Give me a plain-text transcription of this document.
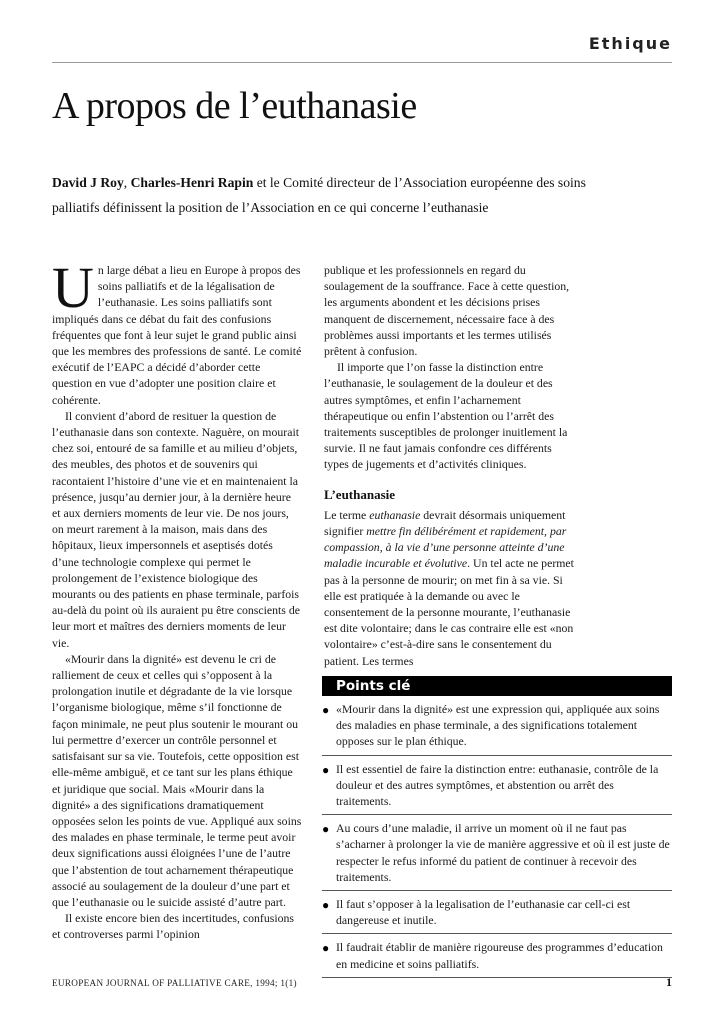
Ethique
A propos de l’euthanasie

David J Roy, Charles-Henri Rapin et le Comité directeur de l’Association européenne des soins palliatifs définissent la position de l’Association en ce qui concerne l’euthanasie

Un large débat a lieu en Europe à propos des soins palliatifs et de la légalisation de l’euthanasie. Les soins palliatifs sont impliqués dans ce débat du fait des confusions fréquentes que font à leur sujet le grand public ainsi que les membres des professions de santé. Le comité exécutif de l’EAPC a décidé d’aborder cette question en vue d’adopter une position claire et cohérente.

Il convient d’abord de resituer la question de l’euthanasie dans son contexte. Naguère, on mourait chez soi, entouré de sa famille et au milieu d’objets, des meubles, des photos et de souvenirs qui racontaient l’histoire d’une vie et en maintenaient la présence, jusqu’au dernier jour, à la dernière heure et aux derniers moments de leur vie. De nos jours, on meurt rarement à la maison, mais dans des hôpitaux, lieux impersonnels et aseptisés dotés d’une technologie complexe qui permet le prolongement de l’existence biologique des mourants ou des patients en phase terminale, parfois au-delà du point où ils auraient pu être conscients de leur mort et maîtres des derniers moments de leur vie.

«Mourir dans la dignité» est devenu le cri de ralliement de ceux et celles qui s’opposent à la prolongation inutile et dégradante de la vie lorsque l’organisme biologique, même s’il fonctionne de façon minimale, ne peut plus soutenir le mourant ou lui permettre d’exercer un contrôle personnel et satisfaisant sur sa vie. Toutefois, cette opposition est elle-même ambiguë, et ce tant sur les plans éthique et juridique que social. Mais «Mourir dans la dignité» a des significations dramatiquement opposées selon les points de vue. Appliqué aux soins des malades en phase terminale, le terme peut avoir deux significations aussi éloignées l’une de l’autre que l’abstention de tout acharnement thérapeutique associé au soulagement de la douleur d’une part et que l’euthanasie ou le suicide assisté d’autre part.

Il existe encore bien des incertitudes, confusions et controverses parmi l’opinion

publique et les professionnels en regard du soulagement de la souffrance. Face à cette question, les arguments abondent et les décisions prises manquent de discernement, nécessaire face à des problèmes aussi importants et les termes utilisés prêtent à confusion.

Il importe que l’on fasse la distinction entre l’euthanasie, le soulagement de la douleur et des autres symptômes, et enfin l’acharnement thérapeutique ou enfin l’abstention ou l’arrêt des traitements susceptibles de prolonger inuitlement la survie. Il ne faut jamais confondre ces différents types de jugements et d’activités cliniques.

L’euthanasie

Le terme euthanasie devrait désormais uniquement signifier mettre fin délibérément et rapidement, par compassion, à la vie d’une personne atteinte d’une maladie incurable et évolutive. Un tel acte ne permet pas à la personne de mourir; on met fin à sa vie. Si elle est pratiquée à la demande ou avec le consentement de la personne mourante, l’euthanasie est dite volontaire; dans le cas contraire elle est «non volontaire» c’est-à-dire sans le consentement du patient. Les termes

Points clé
● «Mourir dans la dignité» est une expression qui, appliquée aux soins des maladies en phase terminale, a des significations totalement opposes sur le plan éthique.
● Il est essentiel de faire la distinction entre: euthanasie, contrôle de la douleur et des autres symptômes, et abstention ou arrêt des traitements.
● Au cours d’une maladie, il arrive un moment où il ne faut pas s’acharner à prolonger la vie de manière aggressive et où il est juste de respecter le refus informé du patient de continuer à recevoir des traitements.
● Il faut s’opposer à la legalisation de l’euthanasie car cell-ci est dangereuse et inutile.
● Il faudrait établir de manière rigoureuse des programmes d’education en medicine et soins palliatifs.
EUROPEAN JOURNAL OF PALLIATIVE CARE, 1994; 1(1)	1
